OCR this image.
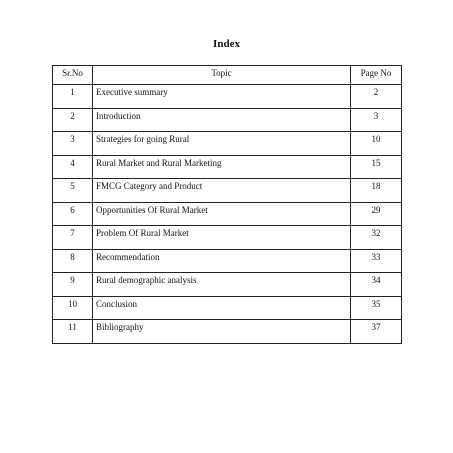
Index
Sr.No	Topic	Page No
1	Executive summary	2
2	Introduction	3
3	Strategies for going Rural	10
4	Rural Market and Rural Marketing	15
5	FMCG Category and Product	18
6	Opportunities Of Rural Market	29
7	Problem Of Rural Market	32
8	Recommendation	33
9	Rural demographic analysis	34
10	Conclusion	35
11	Bibliography	37
